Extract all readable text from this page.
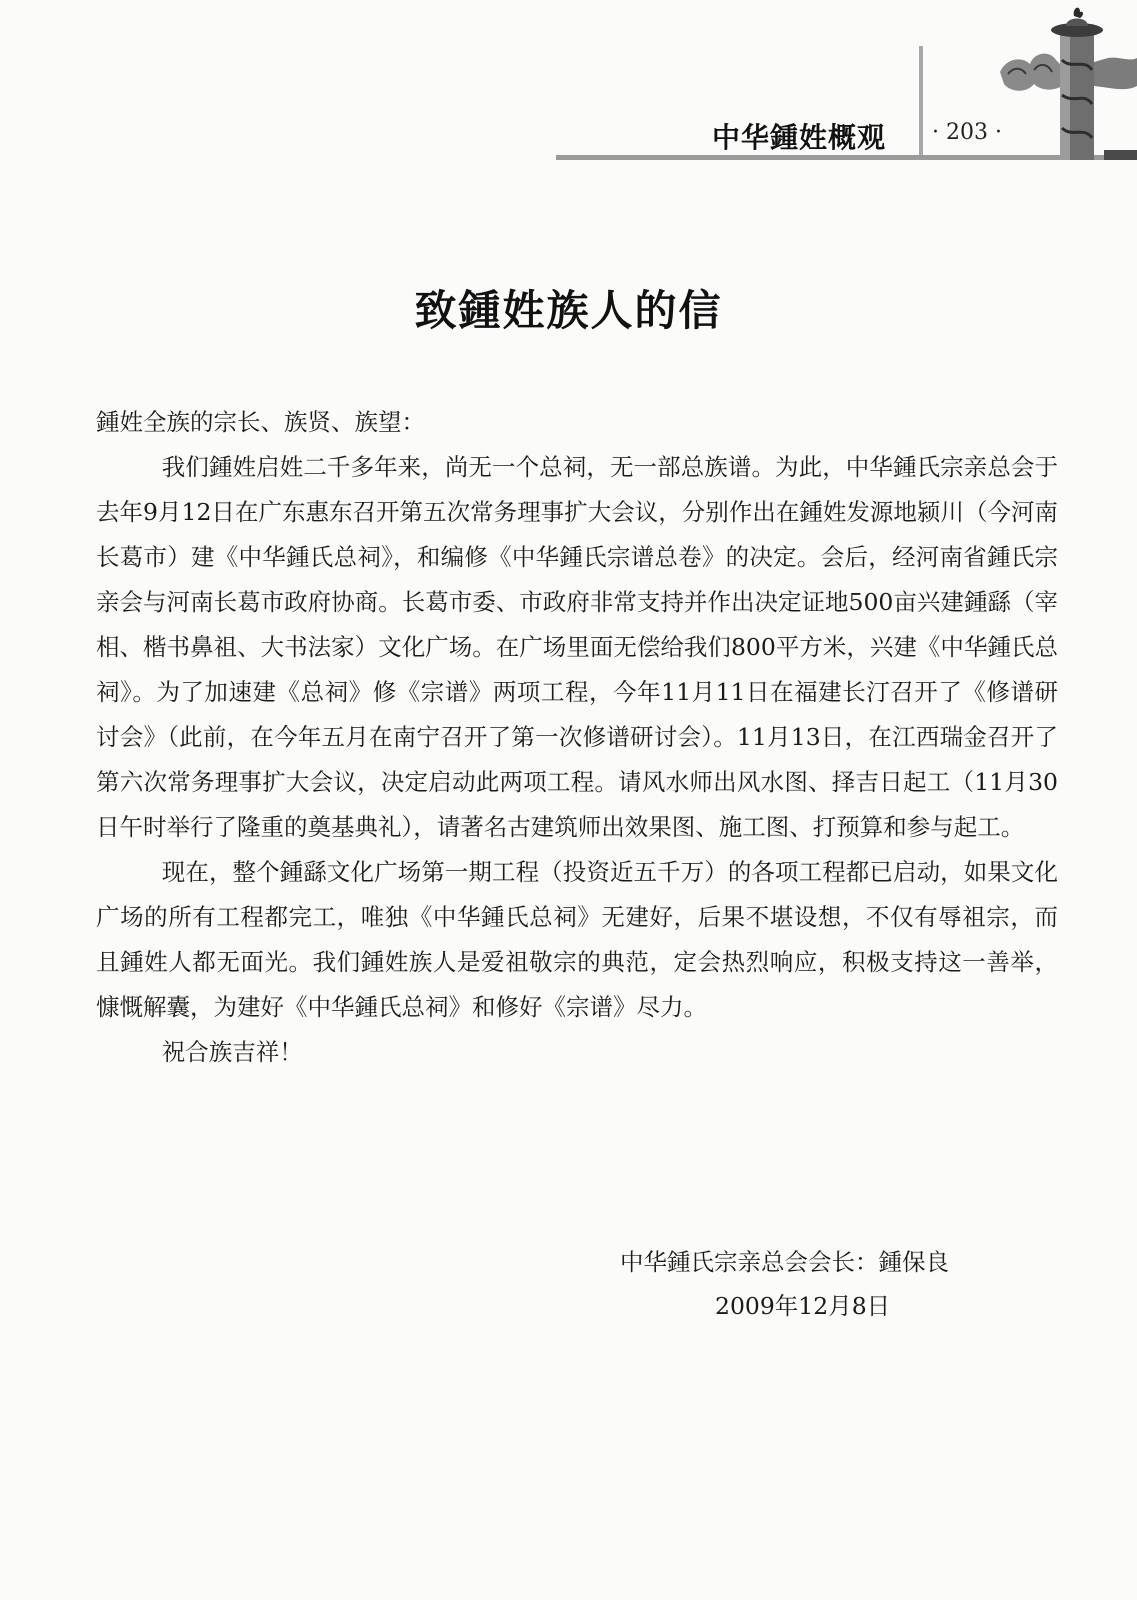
中华鍾姓概观 · 203 ·
致鍾姓族人的信

鍾姓全族的宗长、族贤、族望：

我们鍾姓启姓二千多年来，尚无一个总祠，无一部总族谱。为此，中华鍾氏宗亲总会于去年9月12日在广东惠东召开第五次常务理事扩大会议，分别作出在鍾姓发源地颍川（今河南长葛市）建《中华鍾氏总祠》，和编修《中华鍾氏宗谱总卷》的决定。会后，经河南省鍾氏宗亲会与河南长葛市政府协商。长葛市委、市政府非常支持并作出决定证地500亩兴建鍾繇（宰相、楷书鼻祖、大书法家）文化广场。在广场里面无偿给我们800平方米，兴建《中华鍾氏总祠》。为了加速建《总祠》修《宗谱》两项工程，今年11月11日在福建长汀召开了《修谱研讨会》（此前，在今年五月在南宁召开了第一次修谱研讨会）。11月13日，在江西瑞金召开了第六次常务理事扩大会议，决定启动此两项工程。请风水师出风水图、择吉日起工（11月30日午时举行了隆重的奠基典礼），请著名古建筑师出效果图、施工图、打预算和参与起工。

现在，整个鍾繇文化广场第一期工程（投资近五千万）的各项工程都已启动，如果文化广场的所有工程都完工，唯独《中华鍾氏总祠》无建好，后果不堪设想，不仅有辱祖宗，而且鍾姓人都无面光。我们鍾姓族人是爱祖敬宗的典范，定会热烈响应，积极支持这一善举，慷慨解囊，为建好《中华鍾氏总祠》和修好《宗谱》尽力。

祝合族吉祥！

中华鍾氏宗亲总会会长：鍾保良
2009年12月8日
